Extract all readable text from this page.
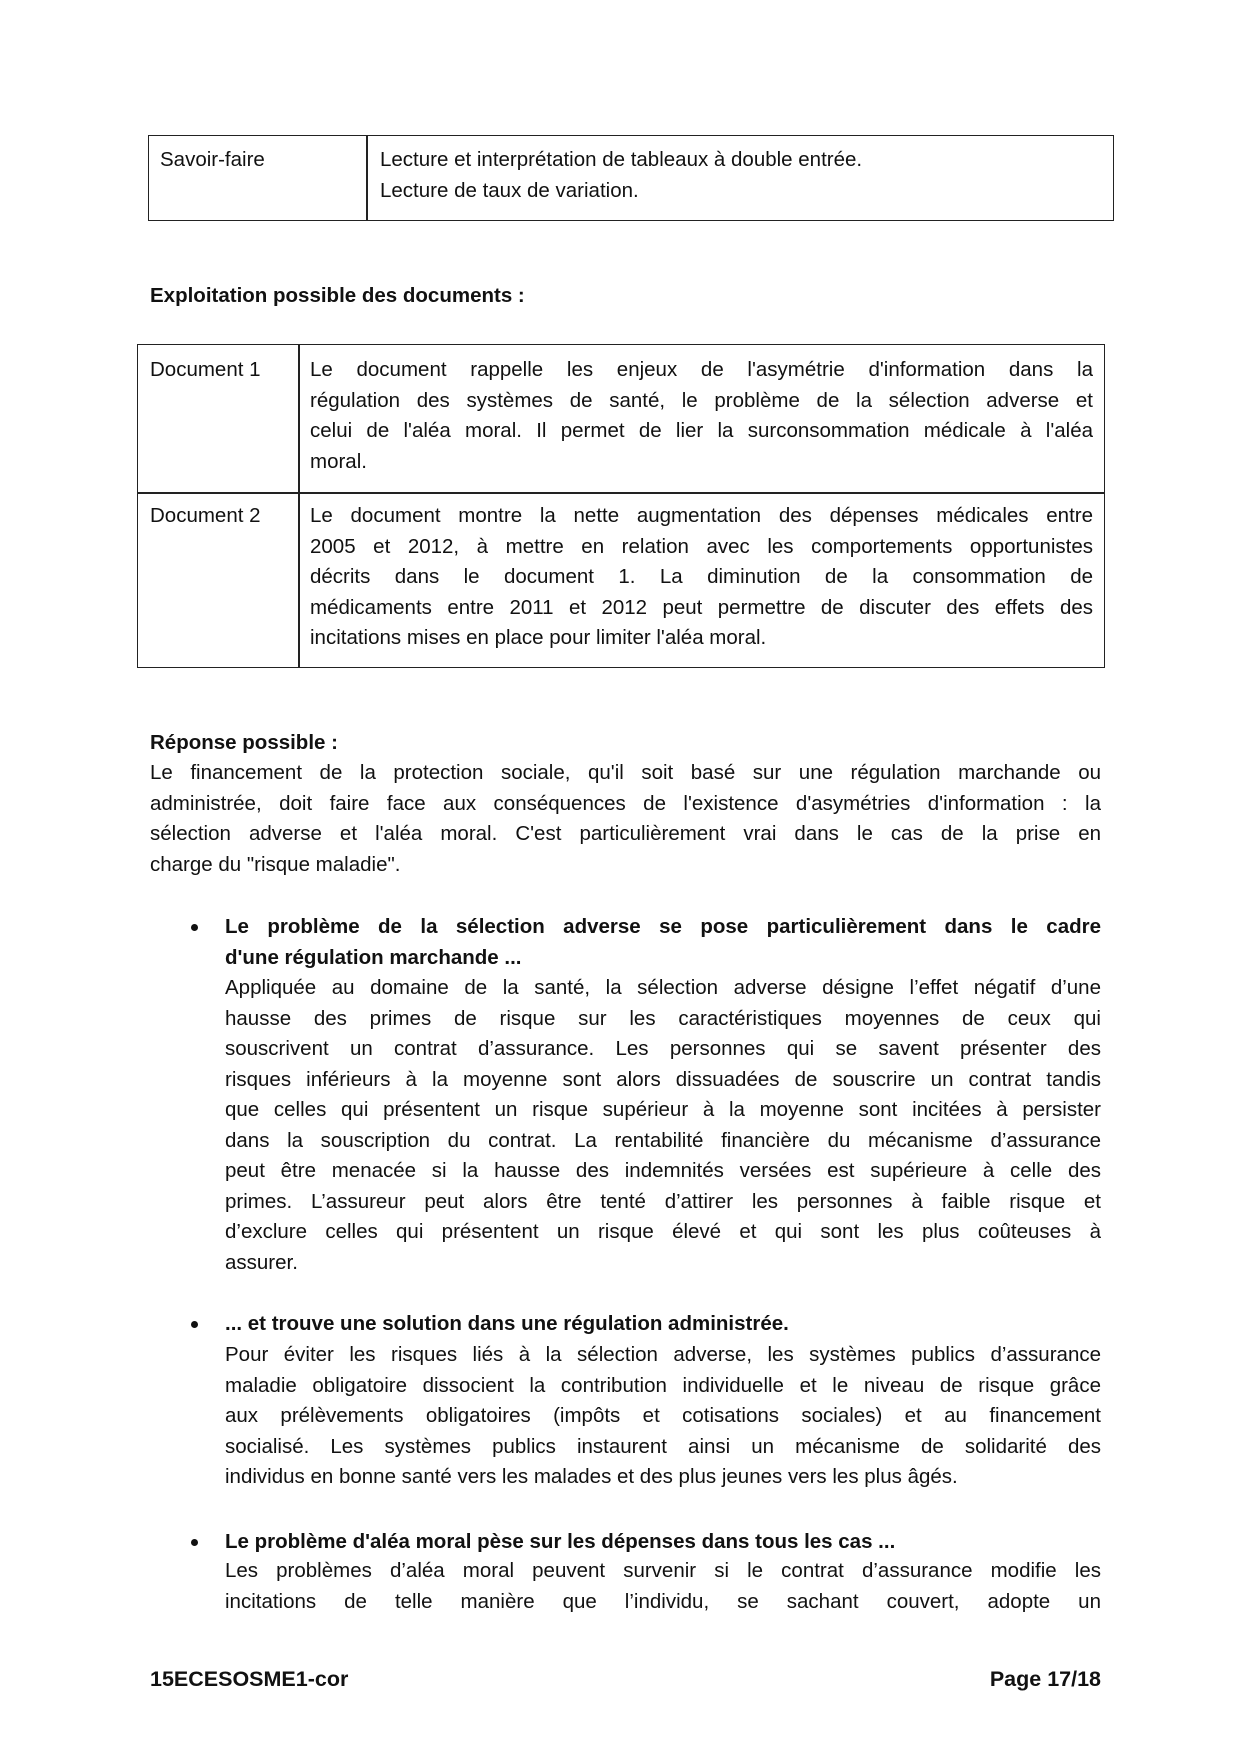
Savoir-faire	Lecture et interprétation de tableaux à double entrée.
Lecture de taux de variation.
Exploitation possible des documents :
Document 1 Le document rappelle les enjeux de l'asymétrie d'information dans la
régulation des systèmes de santé, le problème de la sélection adverse et
celui de l'aléa moral. Il permet de lier la surconsommation médicale à l'aléa
moral.
Document 2 Le document montre la nette augmentation des dépenses médicales entre
2005 et 2012, à mettre en relation avec les comportements opportunistes
décrits dans le document 1. La diminution de la consommation de
médicaments entre 2011 et 2012 peut permettre de discuter des effets des
incitations mises en place pour limiter l'aléa moral.
Réponse possible :
Le financement de la protection sociale, qu'il soit basé sur une régulation marchande ou
administrée, doit faire face aux conséquences de l'existence d'asymétries d'information : la
sélection adverse et l'aléa moral. C'est particulièrement vrai dans le cas de la prise en
charge du "risque maladie".
Le problème de la sélection adverse se pose particulièrement dans le cadre
d'une régulation marchande ...
Appliquée au domaine de la santé, la sélection adverse désigne l’effet négatif d’une
hausse des primes de risque sur les caractéristiques moyennes de ceux qui
souscrivent un contrat d’assurance. Les personnes qui se savent présenter des
risques inférieurs à la moyenne sont alors dissuadées de souscrire un contrat tandis
que celles qui présentent un risque supérieur à la moyenne sont incitées à persister
dans la souscription du contrat. La rentabilité financière du mécanisme d’assurance
peut être menacée si la hausse des indemnités versées est supérieure à celle des
primes. L’assureur peut alors être tenté d’attirer les personnes à faible risque et
d’exclure celles qui présentent un risque élevé et qui sont les plus coûteuses à
assurer.
... et trouve une solution dans une régulation administrée.
Pour éviter les risques liés à la sélection adverse, les systèmes publics d’assurance
maladie obligatoire dissocient la contribution individuelle et le niveau de risque grâce
aux prélèvements obligatoires (impôts et cotisations sociales) et au financement
socialisé. Les systèmes publics instaurent ainsi un mécanisme de solidarité des
individus en bonne santé vers les malades et des plus jeunes vers les plus âgés.
Le problème d'aléa moral pèse sur les dépenses dans tous les cas ...
Les problèmes d’aléa moral peuvent survenir si le contrat d’assurance modifie les
incitations de telle manière que l’individu, se sachant couvert, adopte un
15ECESOSME1-cor	Page 17/18
